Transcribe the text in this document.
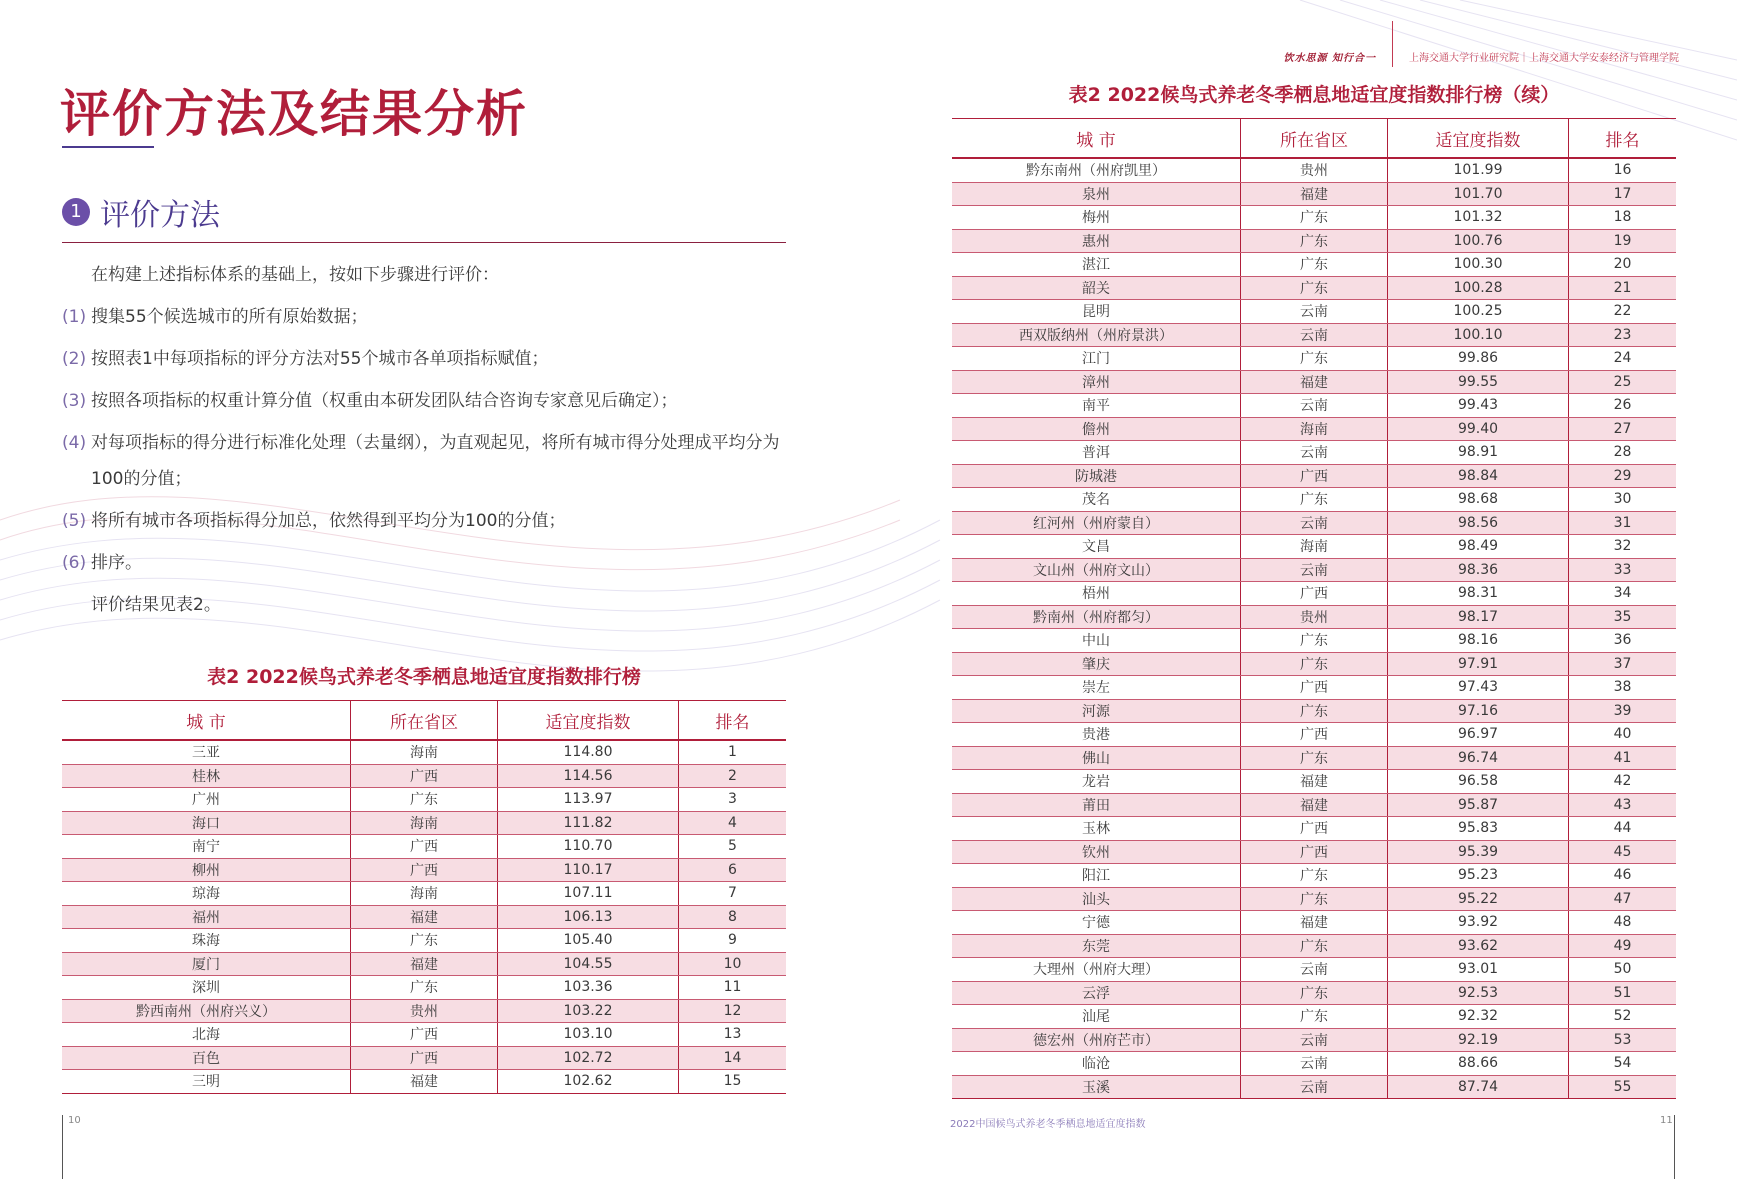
饮水思源 知行合一	上海交通大学行业研究院｜上海交通大学安泰经济与管理学院
评价方法及结果分析
1 评价方法
在构建上述指标体系的基础上，按如下步骤进行评价：
(1) 搜集55个候选城市的所有原始数据；
(2) 按照表1中每项指标的评分方法对55个城市各单项指标赋值；
(3) 按照各项指标的权重计算分值（权重由本研发团队结合咨询专家意见后确定）；
(4) 对每项指标的得分进行标准化处理（去量纲），为直观起见，将所有城市得分处理成平均分为
100的分值；
(5) 将所有城市各项指标得分加总，依然得到平均分为100的分值；
(6) 排序。
评价结果见表2。
表2 2022候鸟式养老冬季栖息地适宜度指数排行榜
城 市	所在省区	适宜度指数	排名
三亚	海南	114.80	1
桂林	广西	114.56	2
广州	广东	113.97	3
海口	海南	111.82	4
南宁	广西	110.70	5
柳州	广西	110.17	6
琼海	海南	107.11	7
福州	福建	106.13	8
珠海	广东	105.40	9
厦门	福建	104.55	10
深圳	广东	103.36	11
黔西南州（州府兴义）	贵州	103.22	12
北海	广西	103.10	13
百色	广西	102.72	14
三明	福建	102.62	15
表2 2022候鸟式养老冬季栖息地适宜度指数排行榜（续）
城 市	所在省区	适宜度指数	排名
黔东南州（州府凯里）	贵州	101.99	16
泉州	福建	101.70	17
梅州	广东	101.32	18
惠州	广东	100.76	19
湛江	广东	100.30	20
韶关	广东	100.28	21
昆明	云南	100.25	22
西双版纳州（州府景洪）	云南	100.10	23
江门	广东	99.86	24
漳州	福建	99.55	25
南平	云南	99.43	26
儋州	海南	99.40	27
普洱	云南	98.91	28
防城港	广西	98.84	29
茂名	广东	98.68	30
红河州（州府蒙自）	云南	98.56	31
文昌	海南	98.49	32
文山州（州府文山）	云南	98.36	33
梧州	广西	98.31	34
黔南州（州府都匀）	贵州	98.17	35
中山	广东	98.16	36
肇庆	广东	97.91	37
崇左	广西	97.43	38
河源	广东	97.16	39
贵港	广西	96.97	40
佛山	广东	96.74	41
龙岩	福建	96.58	42
莆田	福建	95.87	43
玉林	广西	95.83	44
钦州	广西	95.39	45
阳江	广东	95.23	46
汕头	广东	95.22	47
宁德	福建	93.92	48
东莞	广东	93.62	49
大理州（州府大理）	云南	93.01	50
云浮	广东	92.53	51
汕尾	广东	92.32	52
德宏州（州府芒市）	云南	92.19	53
临沧	云南	88.66	54
玉溪	云南	87.74	55
10	2022中国候鸟式养老冬季栖息地适宜度指数	11
